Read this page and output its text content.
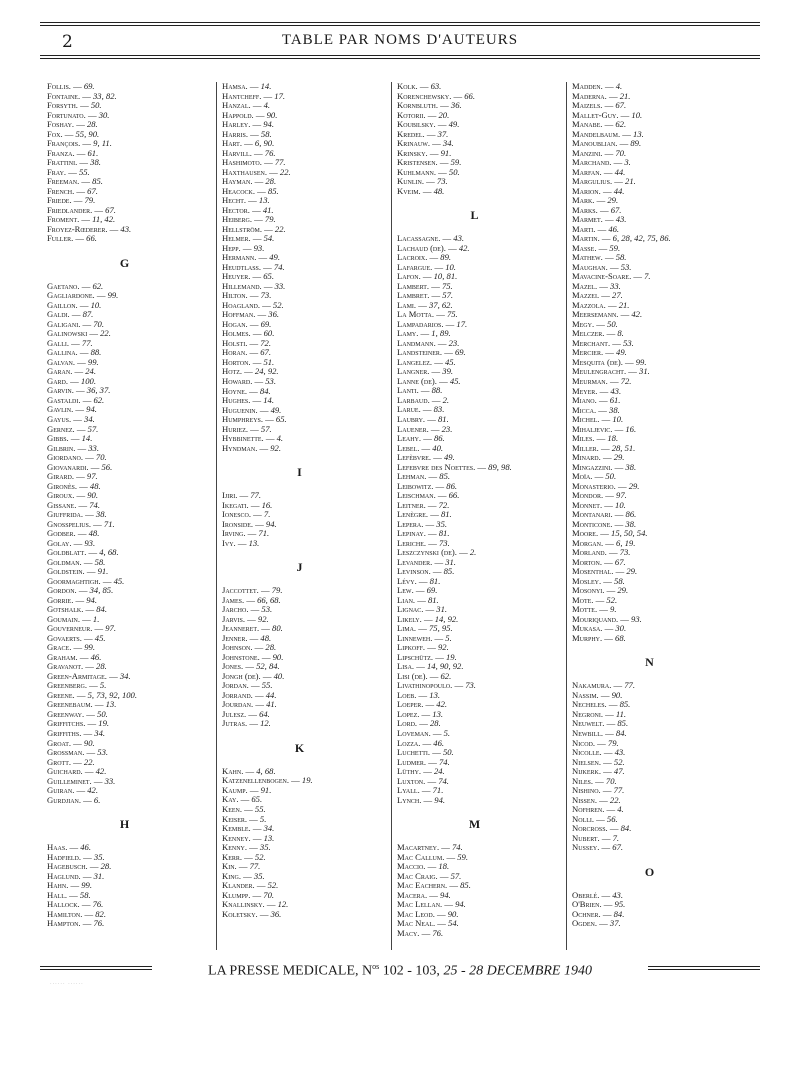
2	TABLE PAR NOMS D'AUTEURS
Follis. — 69.
Fontaine. — 33, 82.
Forsyth. — 50.
Fortunato. — 30.
Foshay. — 28.
Fox. — 55, 90.
François. — 9, 11.
Franza. — 61.
Frattini. — 38.
Fray. — 55.
Freeman. — 85.
French. — 67.
Friede. — 79.
Friedlander. — 67.
Froment. — 11, 42.
Froyez-Rœderer. — 43.
Fuller. — 66.
G
Gaetano. — 62.
Gagliardone. — 99.
Gaillon. — 10.
Galdi. — 87.
Galigani. — 70.
Galinowski — 22.
Galli. — 77.
Gallina. — 88.
Galvan. — 99.
Garan. — 24.
Gard. — 100.
Garvin. — 36, 37.
Gastaldi. — 62.
Gavlin. — 94.
Gayus. — 34.
Gernez. — 57.
Gibbs. — 14.
Gilbrin. — 33.
Giordano. — 70.
Giovanardi. — 56.
Girard. — 97.
Gironès. — 48.
Giroux. — 90.
Gissane. — 74.
Giuffrida. — 38.
Gnosspelius. — 71.
Godber. — 48.
Golay. — 93.
Goldblatt. — 4, 68.
Goldman. — 58.
Goldstein. — 91.
Goormaghtigh. — 45.
Gordon. — 34, 85.
Gorrie. — 94.
Gotshalk. — 84.
Goumain. — 1.
Gouverneur. — 97.
Govaerts. — 45.
Grace. — 99.
Graham. — 46.
Gravanot. — 28.
Green-Armitage. — 34.
Greenberg. — 5.
Greene. — 5, 73, 92, 100.
Greenebaum. — 13.
Greenway. — 50.
Griffitchs. — 19.
Griffiths. — 34.
Groat. — 90.
Grossman. — 53.
Grott. — 22.
Guichard. — 42.
Guilleminet. — 33.
Guiran. — 42.
Gurdjian. — 6.
H
Haas. — 46.
Hadfield. — 35.
Hagebusch. — 28.
Haglund. — 31.
Hahn. — 99.
Hall. — 58.
Hallock. — 76.
Hamilton. — 82.
Hampton. — 76.
Hamsa. — 14.
Hantcheff. — 17.
Hanzal. — 4.
Happold. — 90.
Harley. — 94.
Harris. — 58.
Hart. — 6, 90.
Harvill. — 76.
Hashimoto. — 77.
Haxthausen. — 22.
Hayman. — 28.
Heacock. — 85.
Hecht. — 13.
Hector. — 41.
Heiberg. — 79.
Hellström. — 22.
Helmer. — 54.
Hepp. — 93.
Hermann. — 49.
Heudtlass. — 74.
Heuyer. — 65.
Hillemand. — 33.
Hilton. — 73.
Hoagland. — 52.
Hoffman. — 36.
Hogan. — 69.
Holmes. — 60.
Holsti. — 72.
Horan. — 67.
Horton. — 51.
Hotz. — 24, 92.
Howard. — 53.
Hoyne. — 84.
Hughes. — 14.
Huguenin. — 49.
Humphreys. — 65.
Huriez. — 57.
Hybbinette. — 4.
Hyndman. — 92.
I
Ijiri. — 77.
Ikegati. — 16.
Ionesco. — 7.
Ironside. — 94.
Irving. — 71.
Ivy. — 13.
J
Jaccottet. — 79.
James. — 66, 68.
Jarcho. — 53.
Jarvis. — 92.
Jeanneret. — 80.
Jenner. — 48.
Johnson. — 28.
Johnstone. — 90.
Jones. — 52, 84.
Jongh (de). — 40.
Jordan. — 55.
Jorrand. — 44.
Jourdan. — 41.
Julesz. — 64.
Jutras. — 12.
K
Kahn. — 4, 68.
Katzenellenbogen. — 19.
Kaump. — 91.
Kay. — 65.
Keen. — 55.
Keiser. — 5.
Kemble. — 34.
Kenney. — 13.
Kenny. — 35.
Kerr. — 52.
Kin. — 77.
King. — 35.
Klander. — 52.
Klumpp. — 70.
Knallinsky. — 12.
Koletsky. — 36.
Kolk. — 63.
Korenchewsky. — 66.
Kornbluth. — 36.
Kotorii. — 20.
Koubilsky. — 49.
Kredel. — 37.
Krinauw. — 34.
Krinsky. — 91.
Kristensen. — 59.
Kuhlmann. — 50.
Kunlin. — 73.
Kveim. — 48.
L
Lacassagne. — 43.
Lachaud (de). — 42.
Lacroix. — 89.
Lafargue. — 10.
Lafon. — 10, 81.
Lambert. — 75.
Lambret. — 57.
Lami. — 37, 62.
La Motta. — 75.
Lampadarios. — 17.
Lamy. — 1, 89.
Landmann. — 23.
Landsteiner. — 69.
Langelez. — 45.
Langner. — 39.
Lanne (de). — 45.
Lanti. — 88.
Larbaud. — 2.
Larue. — 83.
Laubry. — 81.
Lauener. — 23.
Leahy. — 86.
Lebel. — 40.
Lefèbvre. — 49.
Lefebvre des Noettes. — 89, 98.
Lehman. — 85.
Leibowitz. — 86.
Leischman. — 66.
Leitner. — 72.
Lenègre. — 81.
Lepera. — 35.
Lepinay. — 81.
Leriche. — 73.
Leszczynski (de). — 2.
Levander. — 31.
Levinson. — 85.
Lévy. — 81.
Lew. — 69.
Lian. — 81.
Lignac. — 31.
Likely. — 14, 92.
Lima. — 75, 95.
Linneweh. — 5.
Lipkoff. — 92.
Lipschütz. — 19.
Lisa. — 14, 90, 92.
Lisi (de). — 62.
Livathinopoulo. — 73.
Loeb. — 13.
Loeper. — 42.
Lopez. — 13.
Lord. — 28.
Loveman. — 5.
Lozza. — 46.
Luchetti. — 50.
Ludmer. — 74.
Lüthy. — 24.
Luxton. — 74.
Lyall. — 71.
Lynch. — 94.
M
Macartney. — 74.
Mac Callum. — 59.
Maccio. — 18.
Mac Craig. — 57.
Mac Eachern. — 85.
Macera. — 94.
Mac Lellan. — 94.
Mac Leod. — 90.
Mac Neal. — 54.
Macy. — 76.
Madden. — 4.
Maderna. — 21.
Maizels. — 67.
Mallet-Guy. — 10.
Manabe. — 62.
Mandelbaum. — 13.
Manoublian. — 89.
Manzini. — 70.
Marchand. — 3.
Marfan. — 44.
Margulius. — 21.
Marion. — 44.
Mark. — 29.
Marks. — 67.
Marmet. — 43.
Marti. — 46.
Martin. — 6, 28, 42, 75, 86.
Masse. — 59.
Mathew. — 58.
Maughan. — 53.
Mavacine-Soare. — 7.
Mazel. — 33.
Mazzei. — 27.
Mazzola. — 21.
Meersemann. — 42.
Megy. — 50.
Melczer. — 8.
Merchant. — 53.
Mercier. — 49.
Mesquita (de). — 99.
Meulengracht. — 31.
Meurman. — 72.
Meyer. — 43.
Miano. — 61.
Micca. — 38.
Michel. — 10.
Mihaljevic. — 16.
Miles. — 18.
Miller. — 28, 51.
Minard. — 29.
Mingazzini. — 38.
Moïa. — 50.
Monasterio. — 29.
Mondor. — 97.
Monnet. — 10.
Montanari. — 86.
Monticone. — 38.
Moore. — 15, 50, 54.
Morgan. — 6, 19.
Morland. — 73.
Morton. — 67.
Mosenthal. — 29.
Mosley. — 58.
Mosonyi. — 29.
Mote. — 52.
Motte. — 9.
Mouriquand. — 93.
Mukasa. — 30.
Murphy. — 68.
N
Nakamura. — 77.
Nassim. — 90.
Necheles. — 85.
Negroni. — 11.
Neuwelt. — 85.
Newbill. — 84.
Nicod. — 79.
Nicolle. — 43.
Nielsen. — 52.
Nijkerk. — 47.
Niles. — 70.
Nishino. — 77.
Nissen. — 22.
Nofhren. — 4.
Nolli. — 56.
Norcross. — 84.
Nubert. — 7.
Nussey. — 67.
O
Oberlé. — 43.
O'Brien. — 95.
Ochner. — 84.
Ogden. — 37.
LA PRESSE MEDICALE, $N^{os}$ 102 - 103, 25 - 28 DECEMBRE 1940
...... ......
